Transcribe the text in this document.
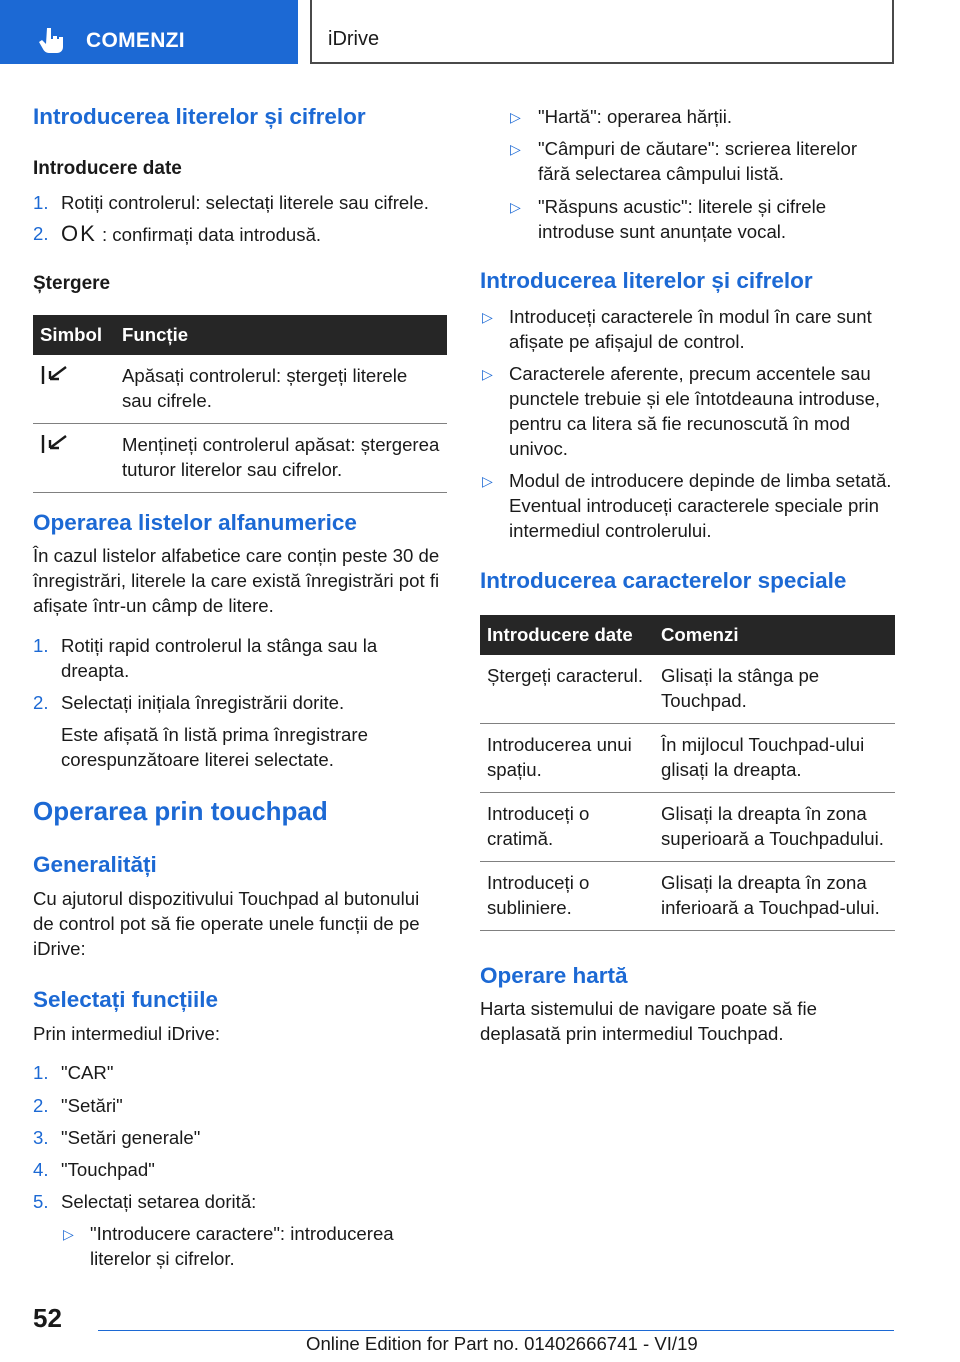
COMENZI	iDrive
Introducerea literelor și cifrelor
Introducere date
1. Rotiți controlerul: selectați literele sau cifrele.
2. OK : confirmați data introdusă.
Ștergere
Simbol	Funcție
	Apăsați controlerul: ștergeți literele sau cifrele.
	Mențineți controlerul apăsat: ștergerea tuturor literelor sau cifrelor.
Operarea listelor alfanumerice
În cazul listelor alfabetice care conțin peste 30 de înregistrări, literele la care există înregistrări pot fi afișate într-un câmp de litere.
1. Rotiți rapid controlerul la stânga sau la dreapta.
2. Selectați inițiala înregistrării dorite.
Este afișată în listă prima înregistrare corespunzătoare literei selectate.
Operarea prin touchpad
Generalități
Cu ajutorul dispozitivului Touchpad al butonului de control pot să fie operate unele funcții de pe iDrive:
Selectați funcțiile
Prin intermediul iDrive:
1. "CAR"
2. "Setări"
3. "Setări generale"
4. "Touchpad"
5. Selectați setarea dorită:
▷ "Introducere caractere": introducerea literelor și cifrelor.
▷ "Hartă": operarea hărții.
▷ "Câmpuri de căutare": scrierea literelor fără selectarea câmpului listă.
▷ "Răspuns acustic": literele și cifrele introduse sunt anunțate vocal.
Introducerea literelor și cifrelor
▷ Introduceți caracterele în modul în care sunt afișate pe afișajul de control.
▷ Caracterele aferente, precum accentele sau punctele trebuie și ele întotdeauna introduse, pentru ca litera să fie recunoscută în mod univoc.
▷ Modul de introducere depinde de limba setată. Eventual introduceți caracterele speciale prin intermediul controlerului.
Introducerea caracterelor speciale
Introducere date	Comenzi
Ștergeți caracterul.	Glisați la stânga pe Touchpad.
Introducerea unui spațiu.	În mijlocul Touchpad-ului glisați la dreapta.
Introduceți o cratimă.	Glisați la dreapta în zona superioară a Touchpadului.
Introduceți o subliniere.	Glisați la dreapta în zona inferioară a Touchpad-ului.
Operare hartă
Harta sistemului de navigare poate să fie deplasată prin intermediul Touchpad.
52
Online Edition for Part no. 01402666741 - VI/19
